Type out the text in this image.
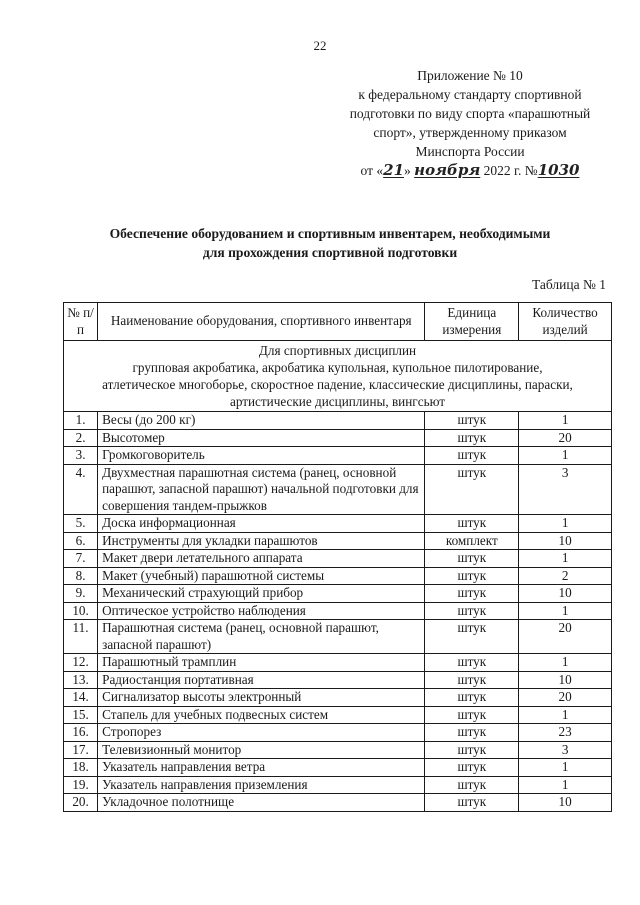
22
Приложение № 10
к федеральному стандарту спортивной
подготовки по виду спорта «парашютный
спорт», утвержденному приказом
Минспорта России
от «21» ноября 2022 г. №1030
Обеспечение оборудованием и спортивным инвентарем, необходимыми
для прохождения спортивной подготовки
Таблица № 1
№ п/п	Наименование оборудования, спортивного инвентаря	Единица измерения	Количество изделий

Для спортивных дисциплин
групповая акробатика, акробатика купольная, купольное пилотирование,
атлетическое многоборье, скоростное падение, классические дисциплины, параски,
артистические дисциплины, вингсьют			

1.	Весы (до 200 кг)	штук	1
2.	Высотомер	штук	20
3.	Громкоговоритель	штук	1
4.	Двухместная парашютная система (ранец, основной парашют, запасной парашют) начальной подготовки для совершения тандем-прыжков	штук	3
5.	Доска информационная	штук	1
6.	Инструменты для укладки парашютов	комплект	10
7.	Макет двери летательного аппарата	штук	1
8.	Макет (учебный) парашютной системы	штук	2
9.	Механический страхующий прибор	штук	10
10.	Оптическое устройство наблюдения	штук	1
11.	Парашютная система (ранец, основной парашют, запасной парашют)	штук	20
12.	Парашютный трамплин	штук	1
13.	Радиостанция портативная	штук	10
14.	Сигнализатор высоты электронный	штук	20
15.	Стапель для учебных подвесных систем	штук	1
16.	Стропорез	штук	23
17.	Телевизионный монитор	штук	3
18.	Указатель направления ветра	штук	1
19.	Указатель направления приземления	штук	1
20.	Укладочное полотнище	штук	10
